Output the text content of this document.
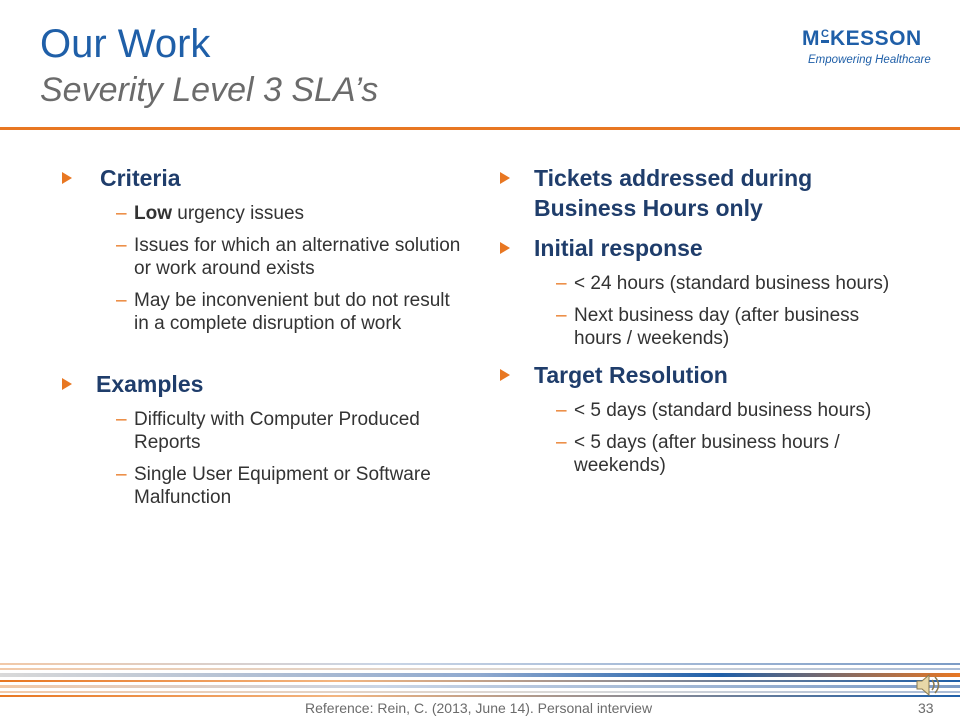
Our Work
Severity Level 3 SLA’s
M C KESSON
Empowering Healthcare
Criteria
– Low urgency issues
– Issues for which an alternative solution or work around exists
– May be inconvenient but do not result in a complete disruption of work
Examples
– Difficulty with Computer Produced Reports
– Single User Equipment or Software Malfunction
Tickets addressed during Business Hours only
Initial response
– < 24 hours (standard business hours)
– Next business day (after business hours / weekends)
Target Resolution
– < 5 days (standard business hours)
– < 5 days (after business hours / weekends)
Reference: Rein, C. (2013, June 14). Personal interview	33
